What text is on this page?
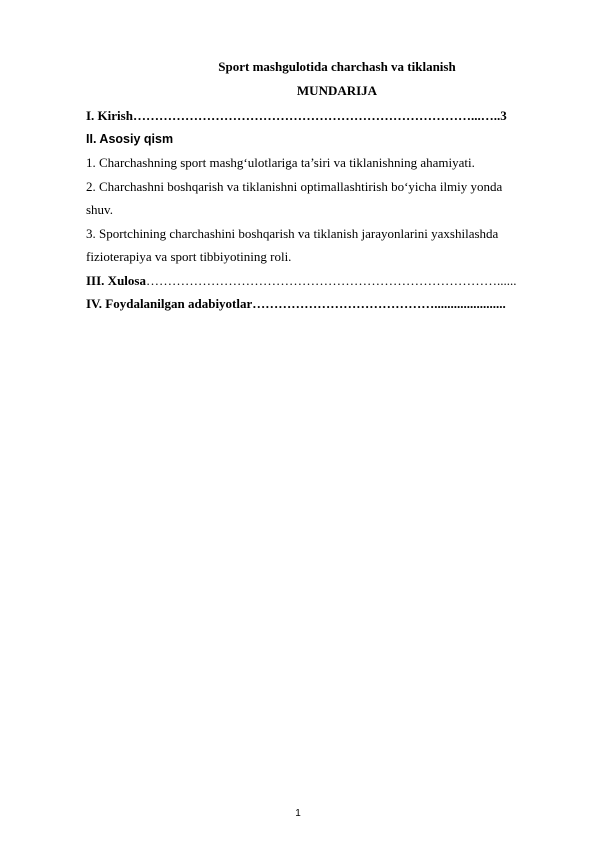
Sport mashgulotida charchash va tiklanish
MUNDARIJA
I. Kirish……………………………………………………………………...…..3
II. Asosiy qism
1. Charchashning sport mashg‘ulotlariga ta’siri va tiklanishning ahamiyati.
2. Charchashni boshqarish va tiklanishni optimallashtirish bo‘yicha ilmiy yonda
shuv.
3. Sportchining charchashini boshqarish va tiklanish jarayonlarini yaxshilashda
fizioterapiya va sport tibbiyotining roli.
III. Xulosa………………………………………………………………………......
IV. Foydalanilgan adabiyotlar……………………………………......................
1
